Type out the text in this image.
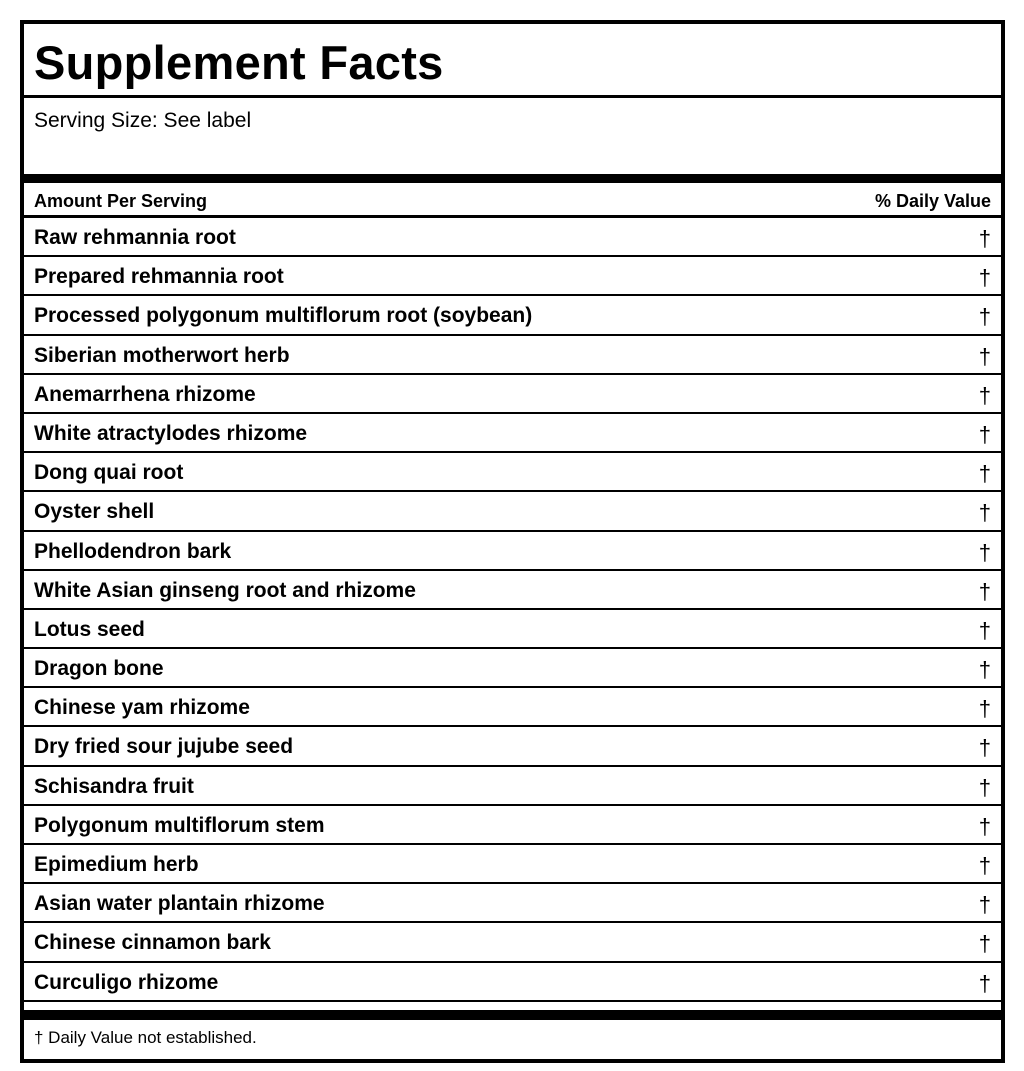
Supplement Facts
Serving Size: See label
Amount Per Serving	% Daily Value
Raw rehmannia root	†
Prepared rehmannia root	†
Processed polygonum multiflorum root (soybean)	†
Siberian motherwort herb	†
Anemarrhena rhizome	†
White atractylodes rhizome	†
Dong quai root	†
Oyster shell	†
Phellodendron bark	†
White Asian ginseng root and rhizome	†
Lotus seed	†
Dragon bone	†
Chinese yam rhizome	†
Dry fried sour jujube seed	†
Schisandra fruit	†
Polygonum multiflorum stem	†
Epimedium herb	†
Asian water plantain rhizome	†
Chinese cinnamon bark	†
Curculigo rhizome	†
† Daily Value not established.
